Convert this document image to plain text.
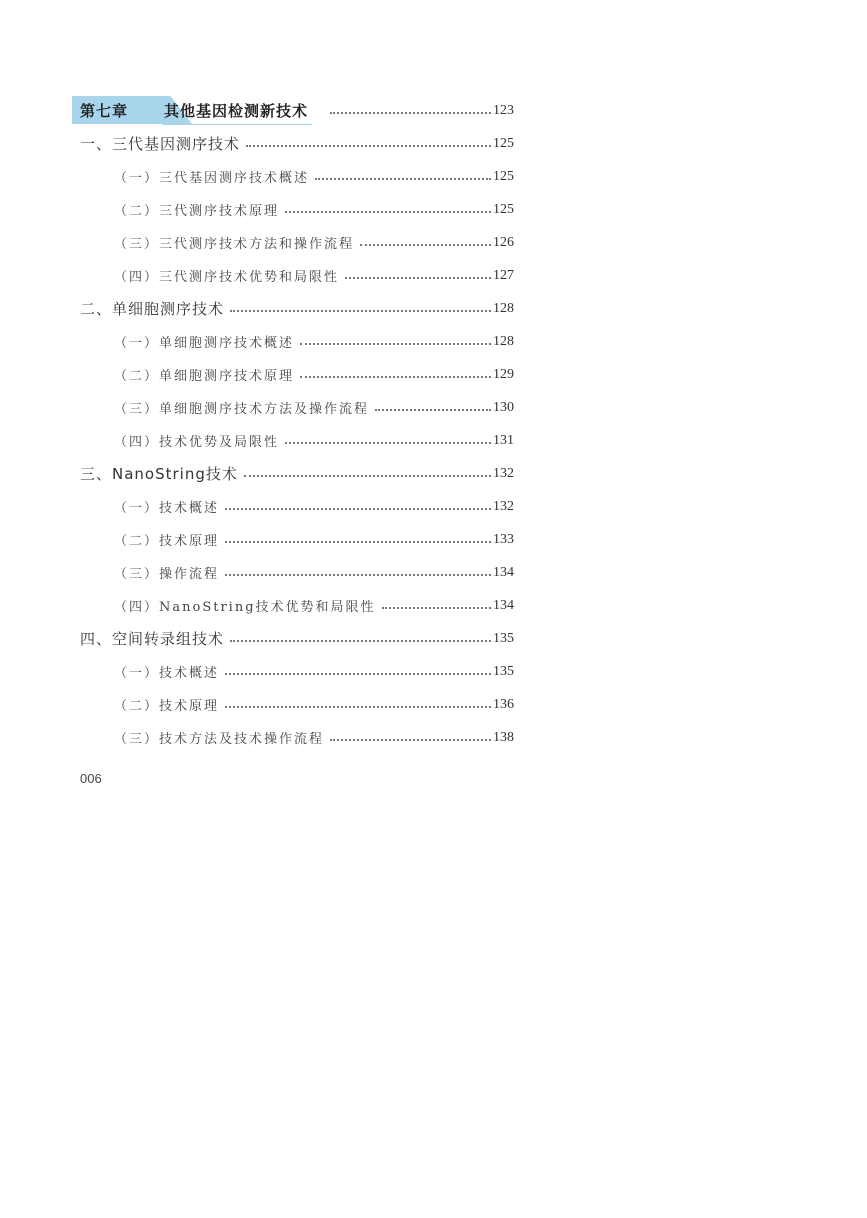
第七章 其他基因检测新技术	123
一、三代基因测序技术	125
（一）三代基因测序技术概述	125
（二）三代测序技术原理	125
（三）三代测序技术方法和操作流程	126
（四）三代测序技术优势和局限性	127
二、单细胞测序技术	128
（一）单细胞测序技术概述	128
（二）单细胞测序技术原理	129
（三）单细胞测序技术方法及操作流程	130
（四）技术优势及局限性	131
三、NanoString技术	132
（一）技术概述	132
（二）技术原理	133
（三）操作流程	134
（四）NanoString技术优势和局限性	134
四、空间转录组技术	135
（一）技术概述	135
（二）技术原理	136
（三）技术方法及技术操作流程	138
006
